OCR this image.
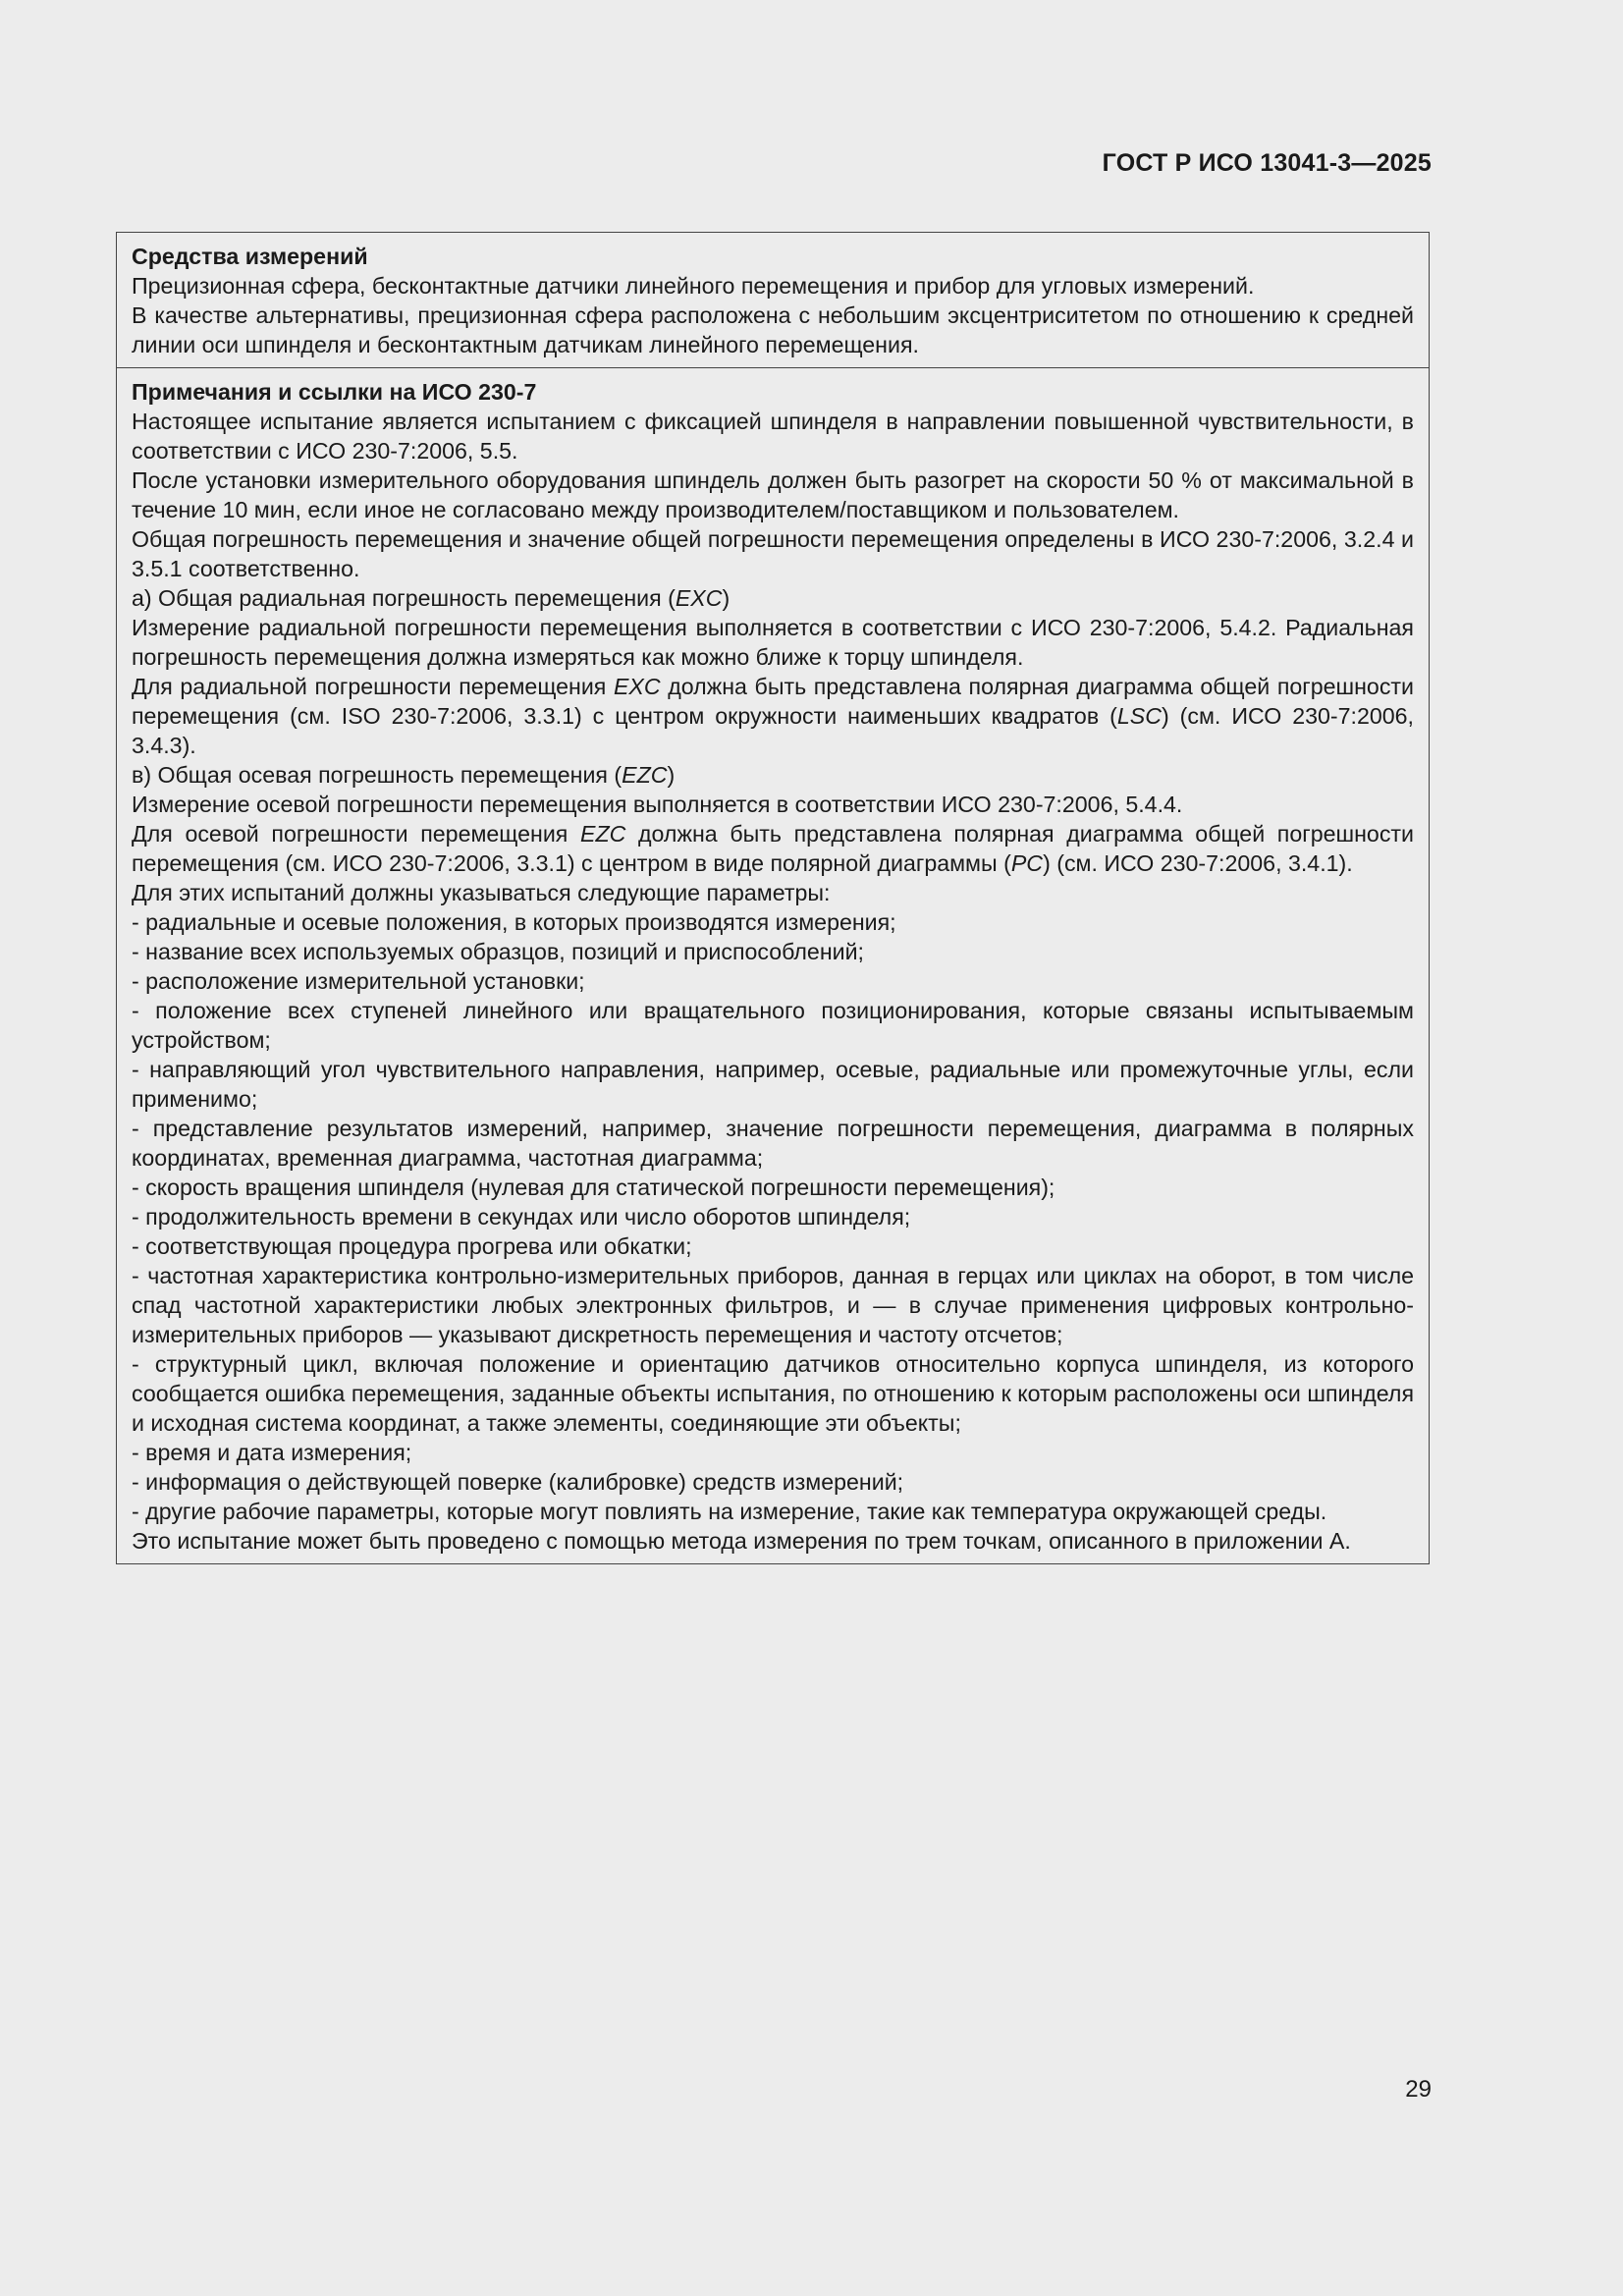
ГОСТ Р ИСО 13041-3—2025

Средства измерений

Прецизионная сфера, бесконтактные датчики линейного перемещения и прибор для угловых измерений.

В качестве альтернативы, прецизионная сфера расположена с небольшим эксцентриситетом по отношению к средней линии оси шпинделя и бесконтактным датчикам линейного перемещения.

Примечания и ссылки на ИСО 230-7

Настоящее испытание является испытанием с фиксацией шпинделя в направлении повышенной чувствительности, в соответствии с ИСО 230-7:2006, 5.5.

После установки измерительного оборудования шпиндель должен быть разогрет на скорости 50 % от максимальной в течение 10 мин, если иное не согласовано между производителем/поставщиком и пользователем.

Общая погрешность перемещения и значение общей погрешности перемещения определены в ИСО 230-7:2006, 3.2.4 и 3.5.1 соответственно.

а) Общая радиальная погрешность перемещения (EXC)

Измерение радиальной погрешности перемещения выполняется в соответствии с ИСО 230-7:2006, 5.4.2. Радиальная погрешность перемещения должна измеряться как можно ближе к торцу шпинделя.

Для радиальной погрешности перемещения EXC должна быть представлена полярная диаграмма общей погрешности перемещения (см. ISO 230-7:2006, 3.3.1) с центром окружности наименьших квадратов (LSC) (см. ИСО 230-7:2006, 3.4.3).

в) Общая осевая погрешность перемещения (EZC)

Измерение осевой погрешности перемещения выполняется в соответствии ИСО 230-7:2006, 5.4.4.

Для осевой погрешности перемещения EZC должна быть представлена полярная диаграмма общей погрешности перемещения (см. ИСО 230-7:2006, 3.3.1) с центром в виде полярной диаграммы (PC) (см. ИСО 230-7:2006, 3.4.1).

Для этих испытаний должны указываться следующие параметры:

- радиальные и осевые положения, в которых производятся измерения;

- название всех используемых образцов, позиций и приспособлений;

- расположение измерительной установки;

- положение всех ступеней линейного или вращательного позиционирования, которые связаны испытываемым устройством;

- направляющий угол чувствительного направления, например, осевые, радиальные или промежуточные углы, если применимо;

- представление результатов измерений, например, значение погрешности перемещения, диаграмма в полярных координатах, временная диаграмма, частотная диаграмма;

- скорость вращения шпинделя (нулевая для статической погрешности перемещения);

- продолжительность времени в секундах или число оборотов шпинделя;

- соответствующая процедура прогрева или обкатки;

- частотная характеристика контрольно-измерительных приборов, данная в герцах или циклах на оборот, в том числе спад частотной характеристики любых электронных фильтров, и — в случае применения цифровых контрольно-измерительных приборов — указывают дискретность перемещения и частоту отсчетов;

- структурный цикл, включая положение и ориентацию датчиков относительно корпуса шпинделя, из которого сообщается ошибка перемещения, заданные объекты испытания, по отношению к которым расположены оси шпинделя и исходная система координат, а также элементы, соединяющие эти объекты;

- время и дата измерения;

- информация о действующей поверке (калибровке) средств измерений;

- другие рабочие параметры, которые могут повлиять на измерение, такие как температура окружающей среды.

Это испытание может быть проведено с помощью метода измерения по трем точкам, описанного в приложении А.

29
